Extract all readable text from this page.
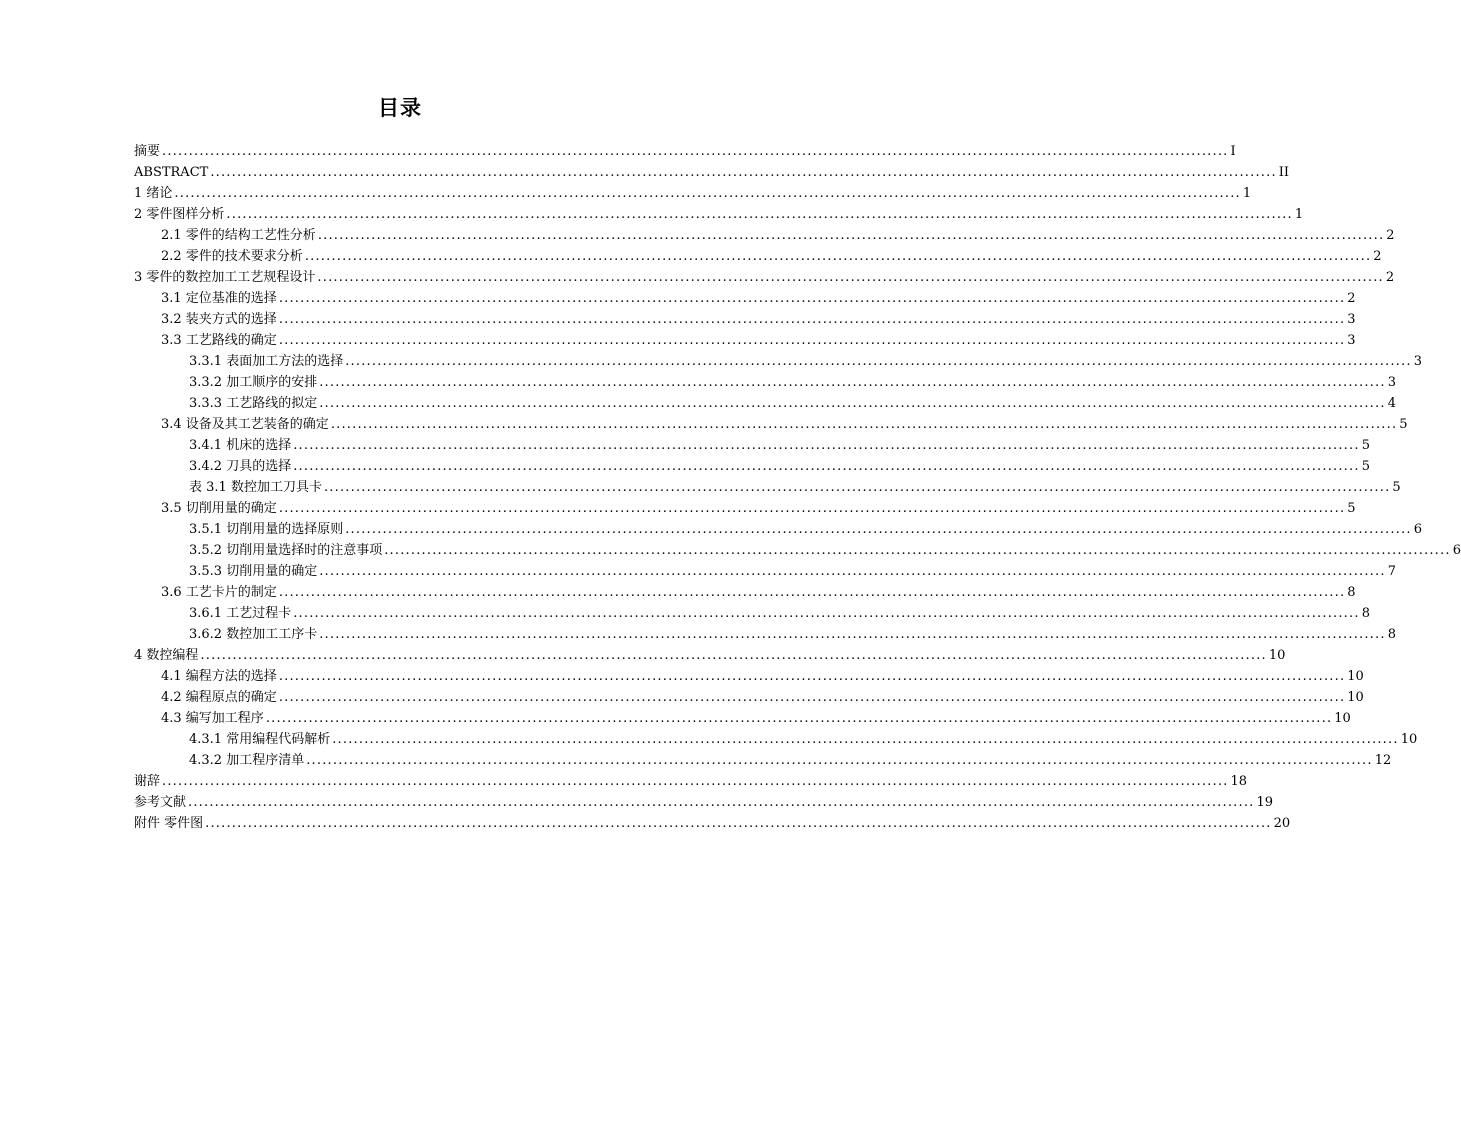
目录
摘要 ........................................................................................................................................................................................................ I
ABSTRACT ........................................................................................................................................................................................................ II
1 绪论 ........................................................................................................................................................................................................ 1
2 零件图样分析 ........................................................................................................................................................................................................ 1
2.1 零件的结构工艺性分析 ........................................................................................................................................................................................................ 2
2.2 零件的技术要求分析 ........................................................................................................................................................................................................ 2
3 零件的数控加工工艺规程设计 ........................................................................................................................................................................................................ 2
3.1 定位基准的选择 ........................................................................................................................................................................................................ 2
3.2 装夹方式的选择 ........................................................................................................................................................................................................ 3
3.3 工艺路线的确定 ........................................................................................................................................................................................................ 3
3.3.1 表面加工方法的选择 ........................................................................................................................................................................................................ 3
3.3.2 加工顺序的安排 ........................................................................................................................................................................................................ 3
3.3.3 工艺路线的拟定 ........................................................................................................................................................................................................ 4
3.4 设备及其工艺装备的确定 ........................................................................................................................................................................................................ 5
3.4.1 机床的选择 ........................................................................................................................................................................................................ 5
3.4.2 刀具的选择 ........................................................................................................................................................................................................ 5
表 3.1 数控加工刀具卡 ........................................................................................................................................................................................................ 5
3.5 切削用量的确定 ........................................................................................................................................................................................................ 5
3.5.1 切削用量的选择原则 ........................................................................................................................................................................................................ 6
3.5.2 切削用量选择时的注意事项 ........................................................................................................................................................................................................ 6
3.5.3 切削用量的确定 ........................................................................................................................................................................................................ 7
3.6 工艺卡片的制定 ........................................................................................................................................................................................................ 8
3.6.1 工艺过程卡 ........................................................................................................................................................................................................ 8
3.6.2 数控加工工序卡 ........................................................................................................................................................................................................ 8
4 数控编程 ........................................................................................................................................................................................................ 10
4.1 编程方法的选择 ........................................................................................................................................................................................................ 10
4.2 编程原点的确定 ........................................................................................................................................................................................................ 10
4.3 编写加工程序 ........................................................................................................................................................................................................ 10
4.3.1 常用编程代码解析 ........................................................................................................................................................................................................ 10
4.3.2 加工程序清单 ........................................................................................................................................................................................................ 12
谢辞 ........................................................................................................................................................................................................ 18
参考文献 ........................................................................................................................................................................................................ 19
附件 零件图 ........................................................................................................................................................................................................ 20
